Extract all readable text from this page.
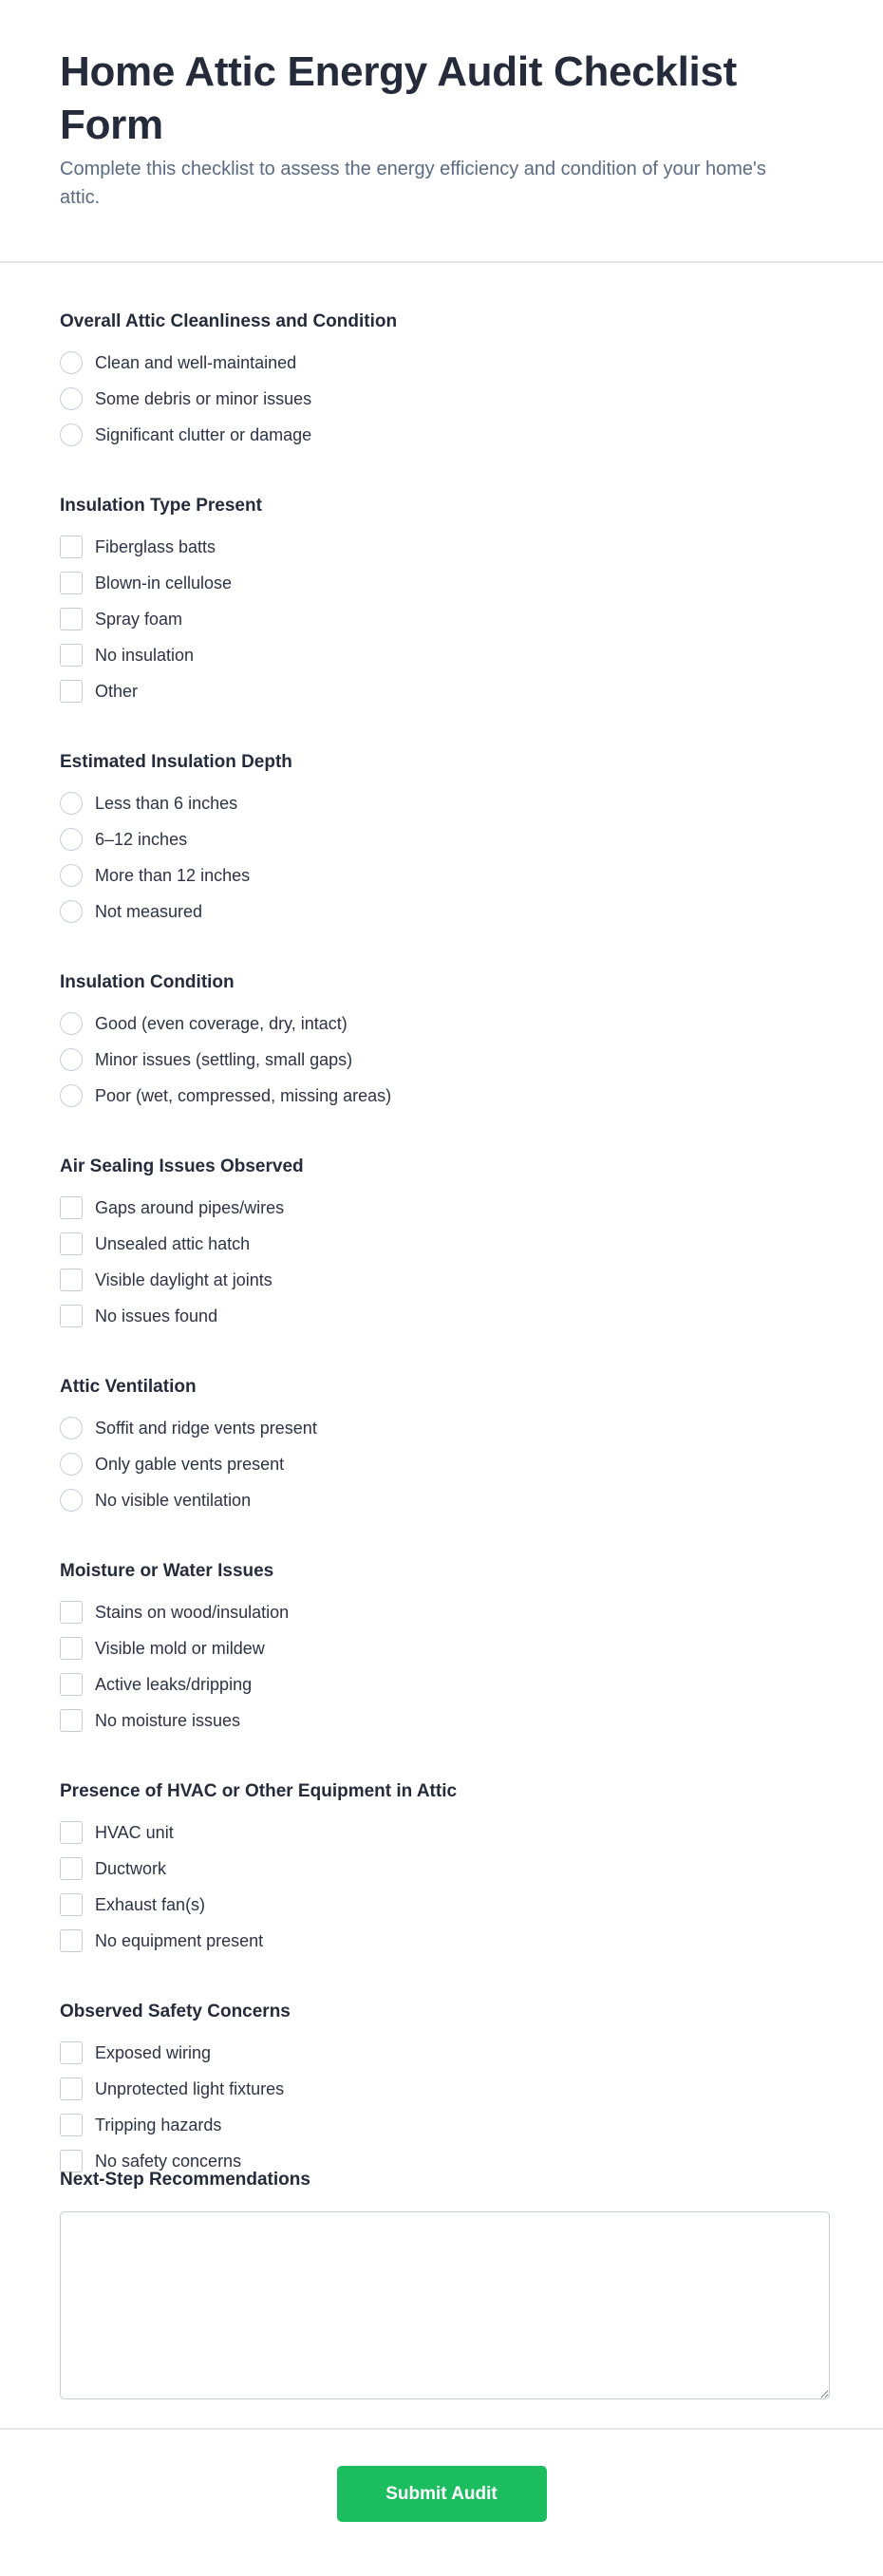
Home Attic Energy Audit Checklist Form

Complete this checklist to assess the energy efficiency and condition of your home's attic.

Overall Attic Cleanliness and Condition
Clean and well-maintained
Some debris or minor issues
Significant clutter or damage
Insulation Type Present
Fiberglass batts
Blown-in cellulose
Spray foam
No insulation
Other
Estimated Insulation Depth
Less than 6 inches
6–12 inches
More than 12 inches
Not measured
Insulation Condition
Good (even coverage, dry, intact)
Minor issues (settling, small gaps)
Poor (wet, compressed, missing areas)
Air Sealing Issues Observed
Gaps around pipes/wires
Unsealed attic hatch
Visible daylight at joints
No issues found
Attic Ventilation
Soffit and ridge vents present
Only gable vents present
No visible ventilation
Moisture or Water Issues
Stains on wood/insulation
Visible mold or mildew
Active leaks/dripping
No moisture issues
Presence of HVAC or Other Equipment in Attic
HVAC unit
Ductwork
Exhaust fan(s)
No equipment present
Observed Safety Concerns
Exposed wiring
Unprotected light fixtures
Tripping hazards
No safety concerns
Next-Step Recommendations
Submit Audit
